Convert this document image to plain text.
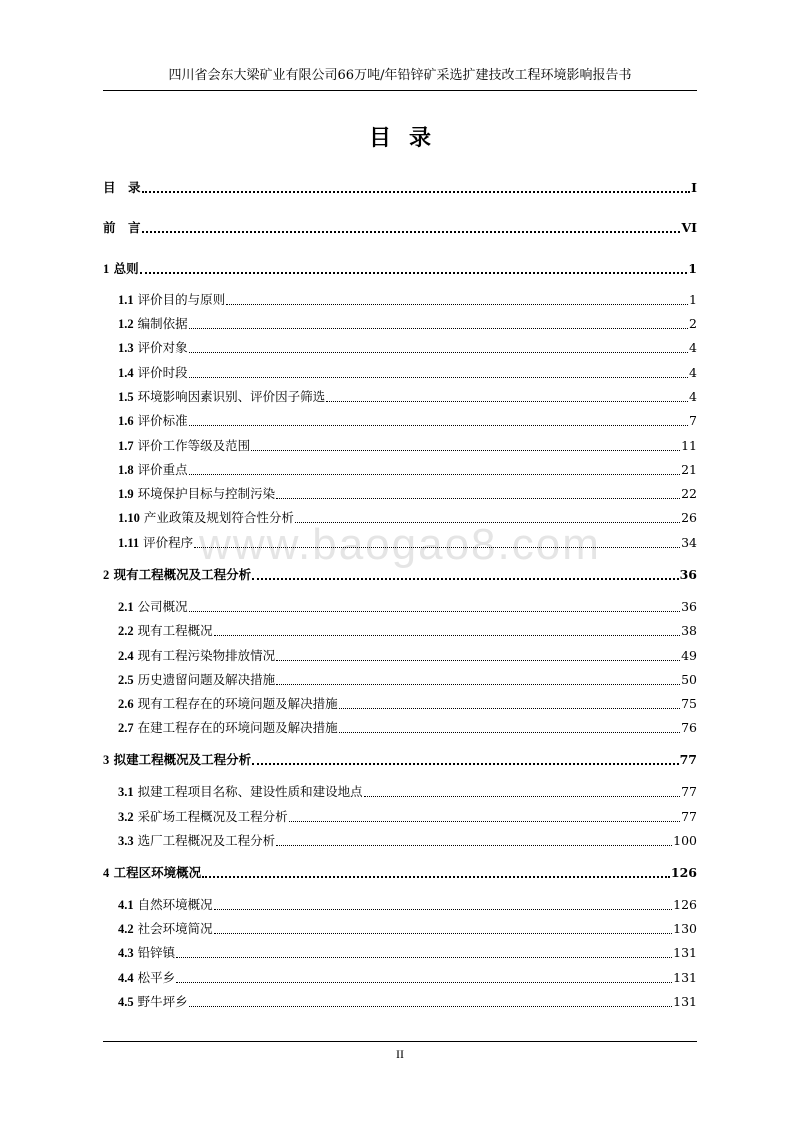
四川省会东大梁矿业有限公司66万吨/年铅锌矿采选扩建技改工程环境影响报告书
目录
www.baogao8.com
目　录	I
前　言	VI
1 总则	1
1.1 评价目的与原则	1
1.2 编制依据	2
1.3 评价对象	4
1.4 评价时段	4
1.5 环境影响因素识别、评价因子筛选	4
1.6 评价标准	7
1.7 评价工作等级及范围	11
1.8 评价重点	21
1.9 环境保护目标与控制污染	22
1.10 产业政策及规划符合性分析	26
1.11 评价程序	34
2 现有工程概况及工程分析	36
2.1 公司概况	36
2.2 现有工程概况	38
2.4 现有工程污染物排放情况	49
2.5 历史遗留问题及解决措施	50
2.6 现有工程存在的环境问题及解决措施	75
2.7 在建工程存在的环境问题及解决措施	76
3 拟建工程概况及工程分析	77
3.1 拟建工程项目名称、建设性质和建设地点	77
3.2 采矿场工程概况及工程分析	77
3.3 选厂工程概况及工程分析	100
4 工程区环境概况	126
4.1 自然环境概况	126
4.2 社会环境简况	130
4.3 铅锌镇	131
4.4 松平乡	131
4.5 野牛坪乡	131
II
